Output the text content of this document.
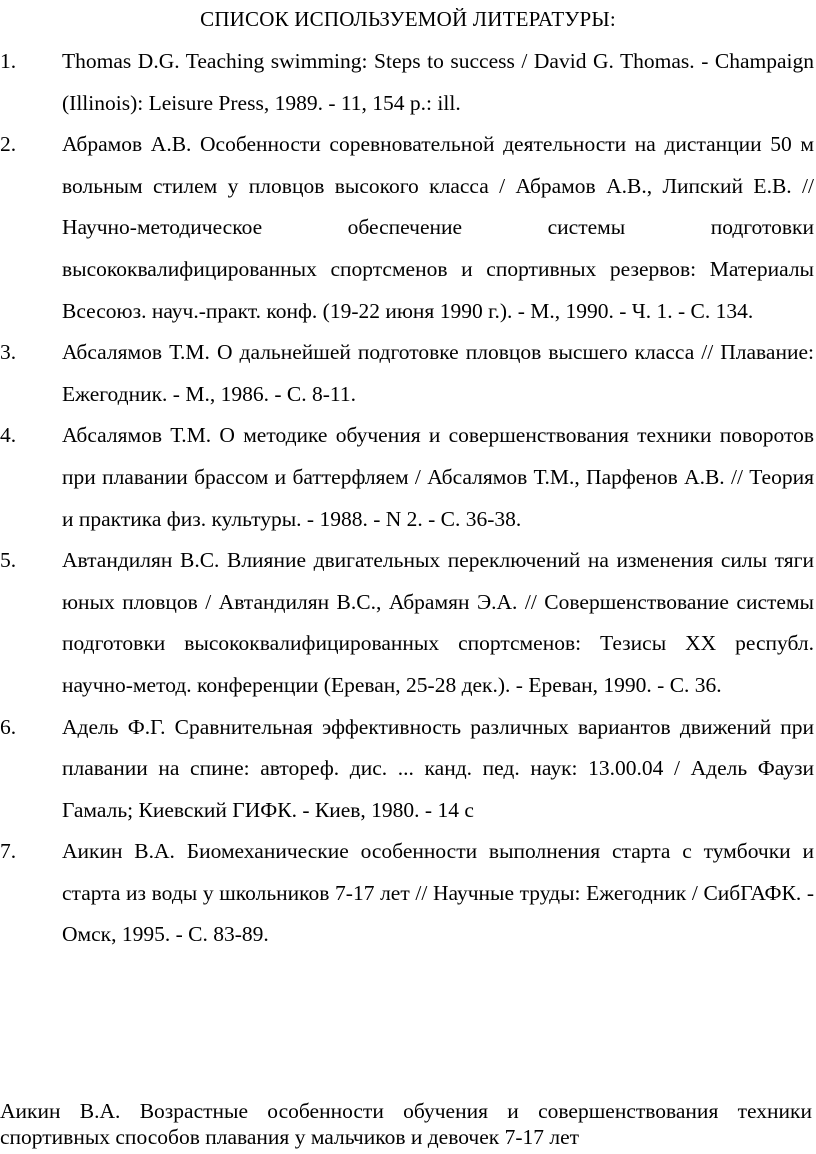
СПИСОК ИСПОЛЬЗУЕМОЙ ЛИТЕРАТУРЫ:
1.	Thomas D.G. Teaching swimming: Steps to success / David G. Thomas. - Champaign (Illinois): Leisure Press, 1989. - 11, 154 p.: ill.
2.	Абрамов А.В. Особенности соревновательной деятельности на дистанции 50 м вольным стилем у пловцов высокого класса / Абрамов А.В., Липский Е.В. // Научно-методическое обеспечение системы подготовки высококвалифицированных спортсменов и спортивных резервов: Материалы Всесоюз. науч.-практ. конф. (19-22 июня 1990 г.). - М., 1990. - Ч. 1. - С. 134.
3.	Абсалямов Т.М. О дальнейшей подготовке пловцов высшего класса // Плавание: Ежегодник. - М., 1986. - С. 8-11.
4.	Абсалямов Т.М. О методике обучения и совершенствования техники поворотов при плавании брассом и баттерфляем / Абсалямов Т.М., Парфенов А.В. // Теория и практика физ. культуры. - 1988. - N 2. - С. 36-38.
5.	Автандилян В.С. Влияние двигательных переключений на изменения силы тяги юных пловцов / Автандилян В.С., Абрамян Э.А. // Совершенствование системы подготовки высококвалифицированных спортсменов: Тезисы XX республ. научно-метод. конференции (Ереван, 25-28 дек.). - Ереван, 1990. - С. 36.
6.	Адель Ф.Г. Сравнительная эффективность различных вариантов движений при плавании на спине: автореф. дис. ... канд. пед. наук: 13.00.04 / Адель Фаузи Гамаль; Киевский ГИФК. - Киев, 1980. - 14 с
7.	Аикин В.А. Биомеханические особенности выполнения старта с тумбочки и старта из воды у школьников 7-17 лет // Научные труды: Ежегодник / СибГАФК. - Омск, 1995. - С. 83-89.

Аикин В.А. Возрастные особенности обучения и совершенствования техники спортивных способов плавания у мальчиков и девочек 7-17 лет
